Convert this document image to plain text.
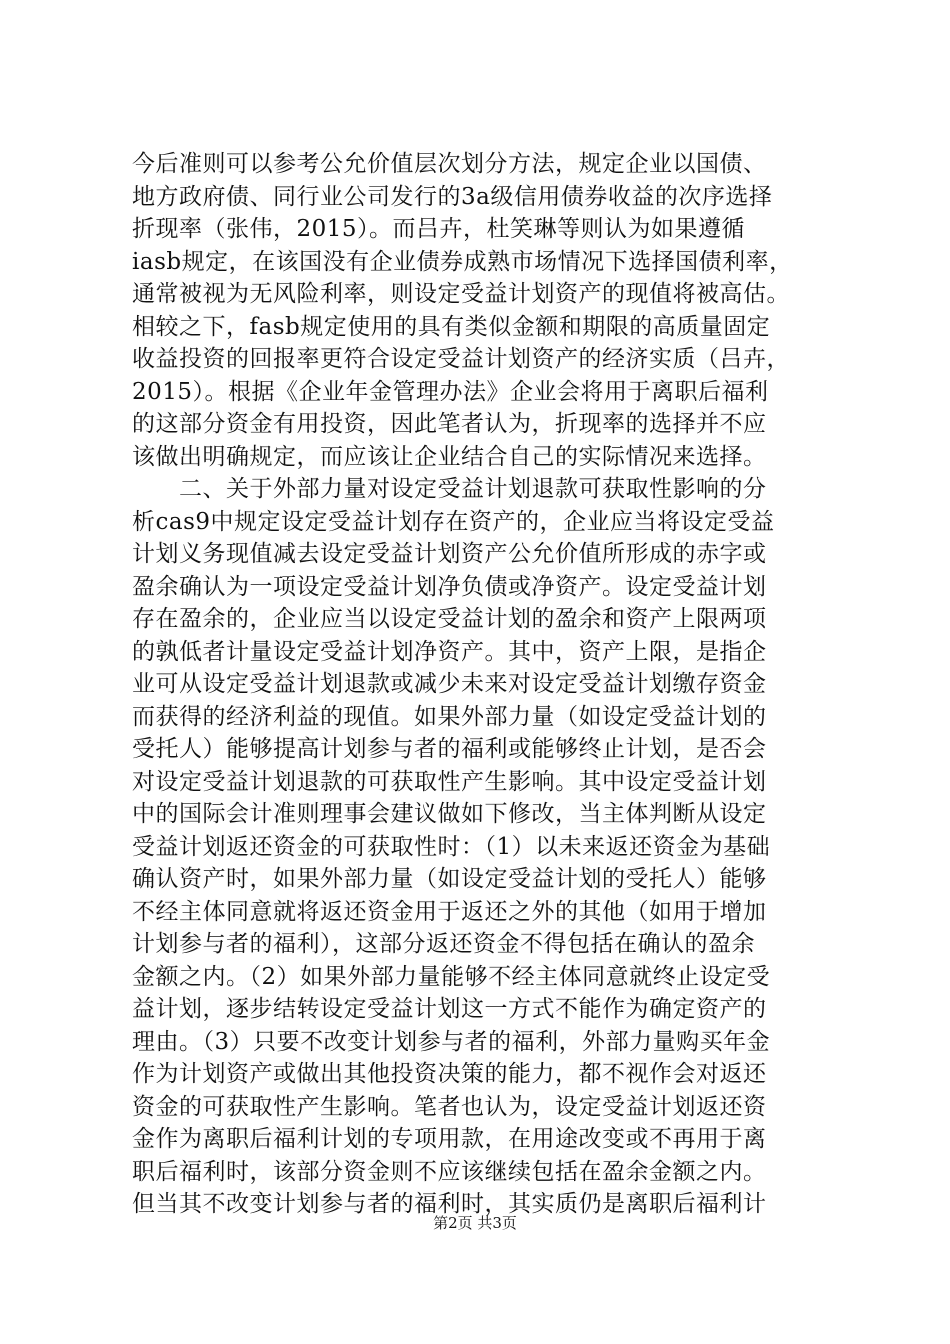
今后准则可以参考公允价值层次划分方法，规定企业以国债、
地方政府债、同行业公司发行的3a级信用债券收益的次序选择
折现率（张伟，2015）。而吕卉，杜笑琳等则认为如果遵循
iasb规定，在该国没有企业债券成熟市场情况下选择国债利率，
通常被视为无风险利率，则设定受益计划资产的现值将被高估。
相较之下，fasb规定使用的具有类似金额和期限的高质量固定
收益投资的回报率更符合设定受益计划资产的经济实质（吕卉，
2015）。根据《企业年金管理办法》企业会将用于离职后福利
的这部分资金有用投资，因此笔者认为，折现率的选择并不应
该做出明确规定，而应该让企业结合自己的实际情况来选择。
　　二、关于外部力量对设定受益计划退款可获取性影响的分
析cas9中规定设定受益计划存在资产的，企业应当将设定受益
计划义务现值减去设定受益计划资产公允价值所形成的赤字或
盈余确认为一项设定受益计划净负债或净资产。设定受益计划
存在盈余的，企业应当以设定受益计划的盈余和资产上限两项
的孰低者计量设定受益计划净资产。其中，资产上限，是指企
业可从设定受益计划退款或减少未来对设定受益计划缴存资金
而获得的经济利益的现值。如果外部力量（如设定受益计划的
受托人）能够提高计划参与者的福利或能够终止计划，是否会
对设定受益计划退款的可获取性产生影响。其中设定受益计划
中的国际会计准则理事会建议做如下修改，当主体判断从设定
受益计划返还资金的可获取性时：（1）以未来返还资金为基础
确认资产时，如果外部力量（如设定受益计划的受托人）能够
不经主体同意就将返还资金用于返还之外的其他（如用于增加
计划参与者的福利），这部分返还资金不得包括在确认的盈余
金额之内。（2）如果外部力量能够不经主体同意就终止设定受
益计划，逐步结转设定受益计划这一方式不能作为确定资产的
理由。（3）只要不改变计划参与者的福利，外部力量购买年金
作为计划资产或做出其他投资决策的能力，都不视作会对返还
资金的可获取性产生影响。笔者也认为，设定受益计划返还资
金作为离职后福利计划的专项用款，在用途改变或不再用于离
职后福利时，该部分资金则不应该继续包括在盈余金额之内。
但当其不改变计划参与者的福利时，其实质仍是离职后福利计
第2页 共3页
